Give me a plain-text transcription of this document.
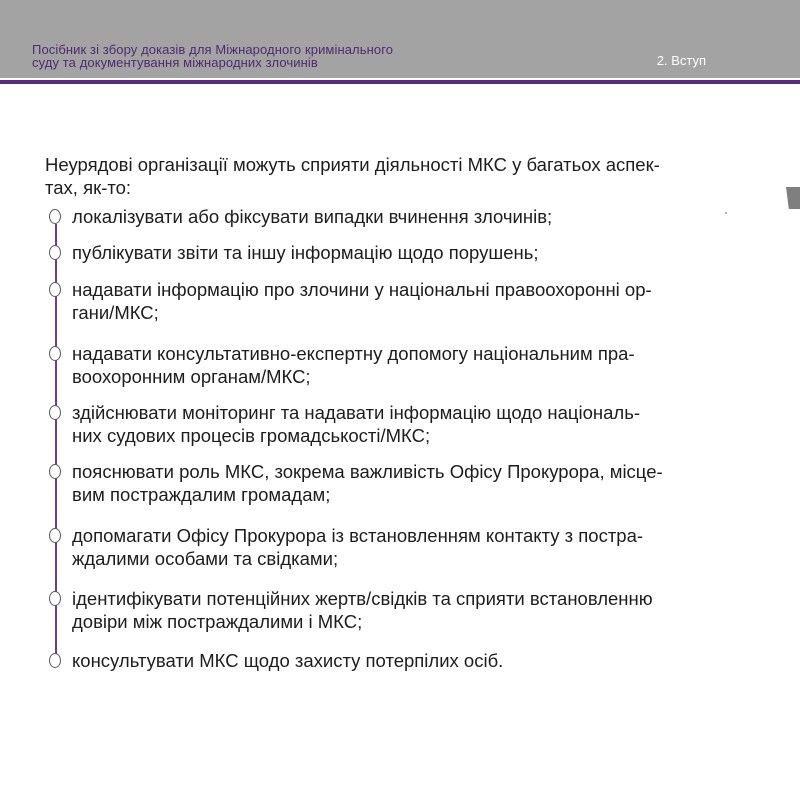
Посібник зі збору доказів для Міжнародного кримінального
суду та документування міжнародних злочинів	2. Вступ
Неурядові організації можуть сприяти діяльності МКС у багатьох аспек-
тах, як-то:
локалізувати або фіксувати випадки вчинення злочинів;
публікувати звіти та іншу інформацію щодо порушень;
надавати інформацію про злочини у національні правоохоронні ор-
гани/МКС;
надавати консультативно-експертну допомогу національним пра-
воохоронним органам/МКС;
здійснювати моніторинг та надавати інформацію щодо національ-
них судових процесів громадськості/МКС;
пояснювати роль МКС, зокрема важливість Офісу Прокурора, місце-
вим постраждалим громадам;
допомагати Офісу Прокурора із встановленням контакту з постра-
ждалими особами та свідками;
ідентифікувати потенційних жертв/свідків та сприяти встановленню
довіри між постраждалими і МКС;
консультувати МКС щодо захисту потерпілих осіб.
